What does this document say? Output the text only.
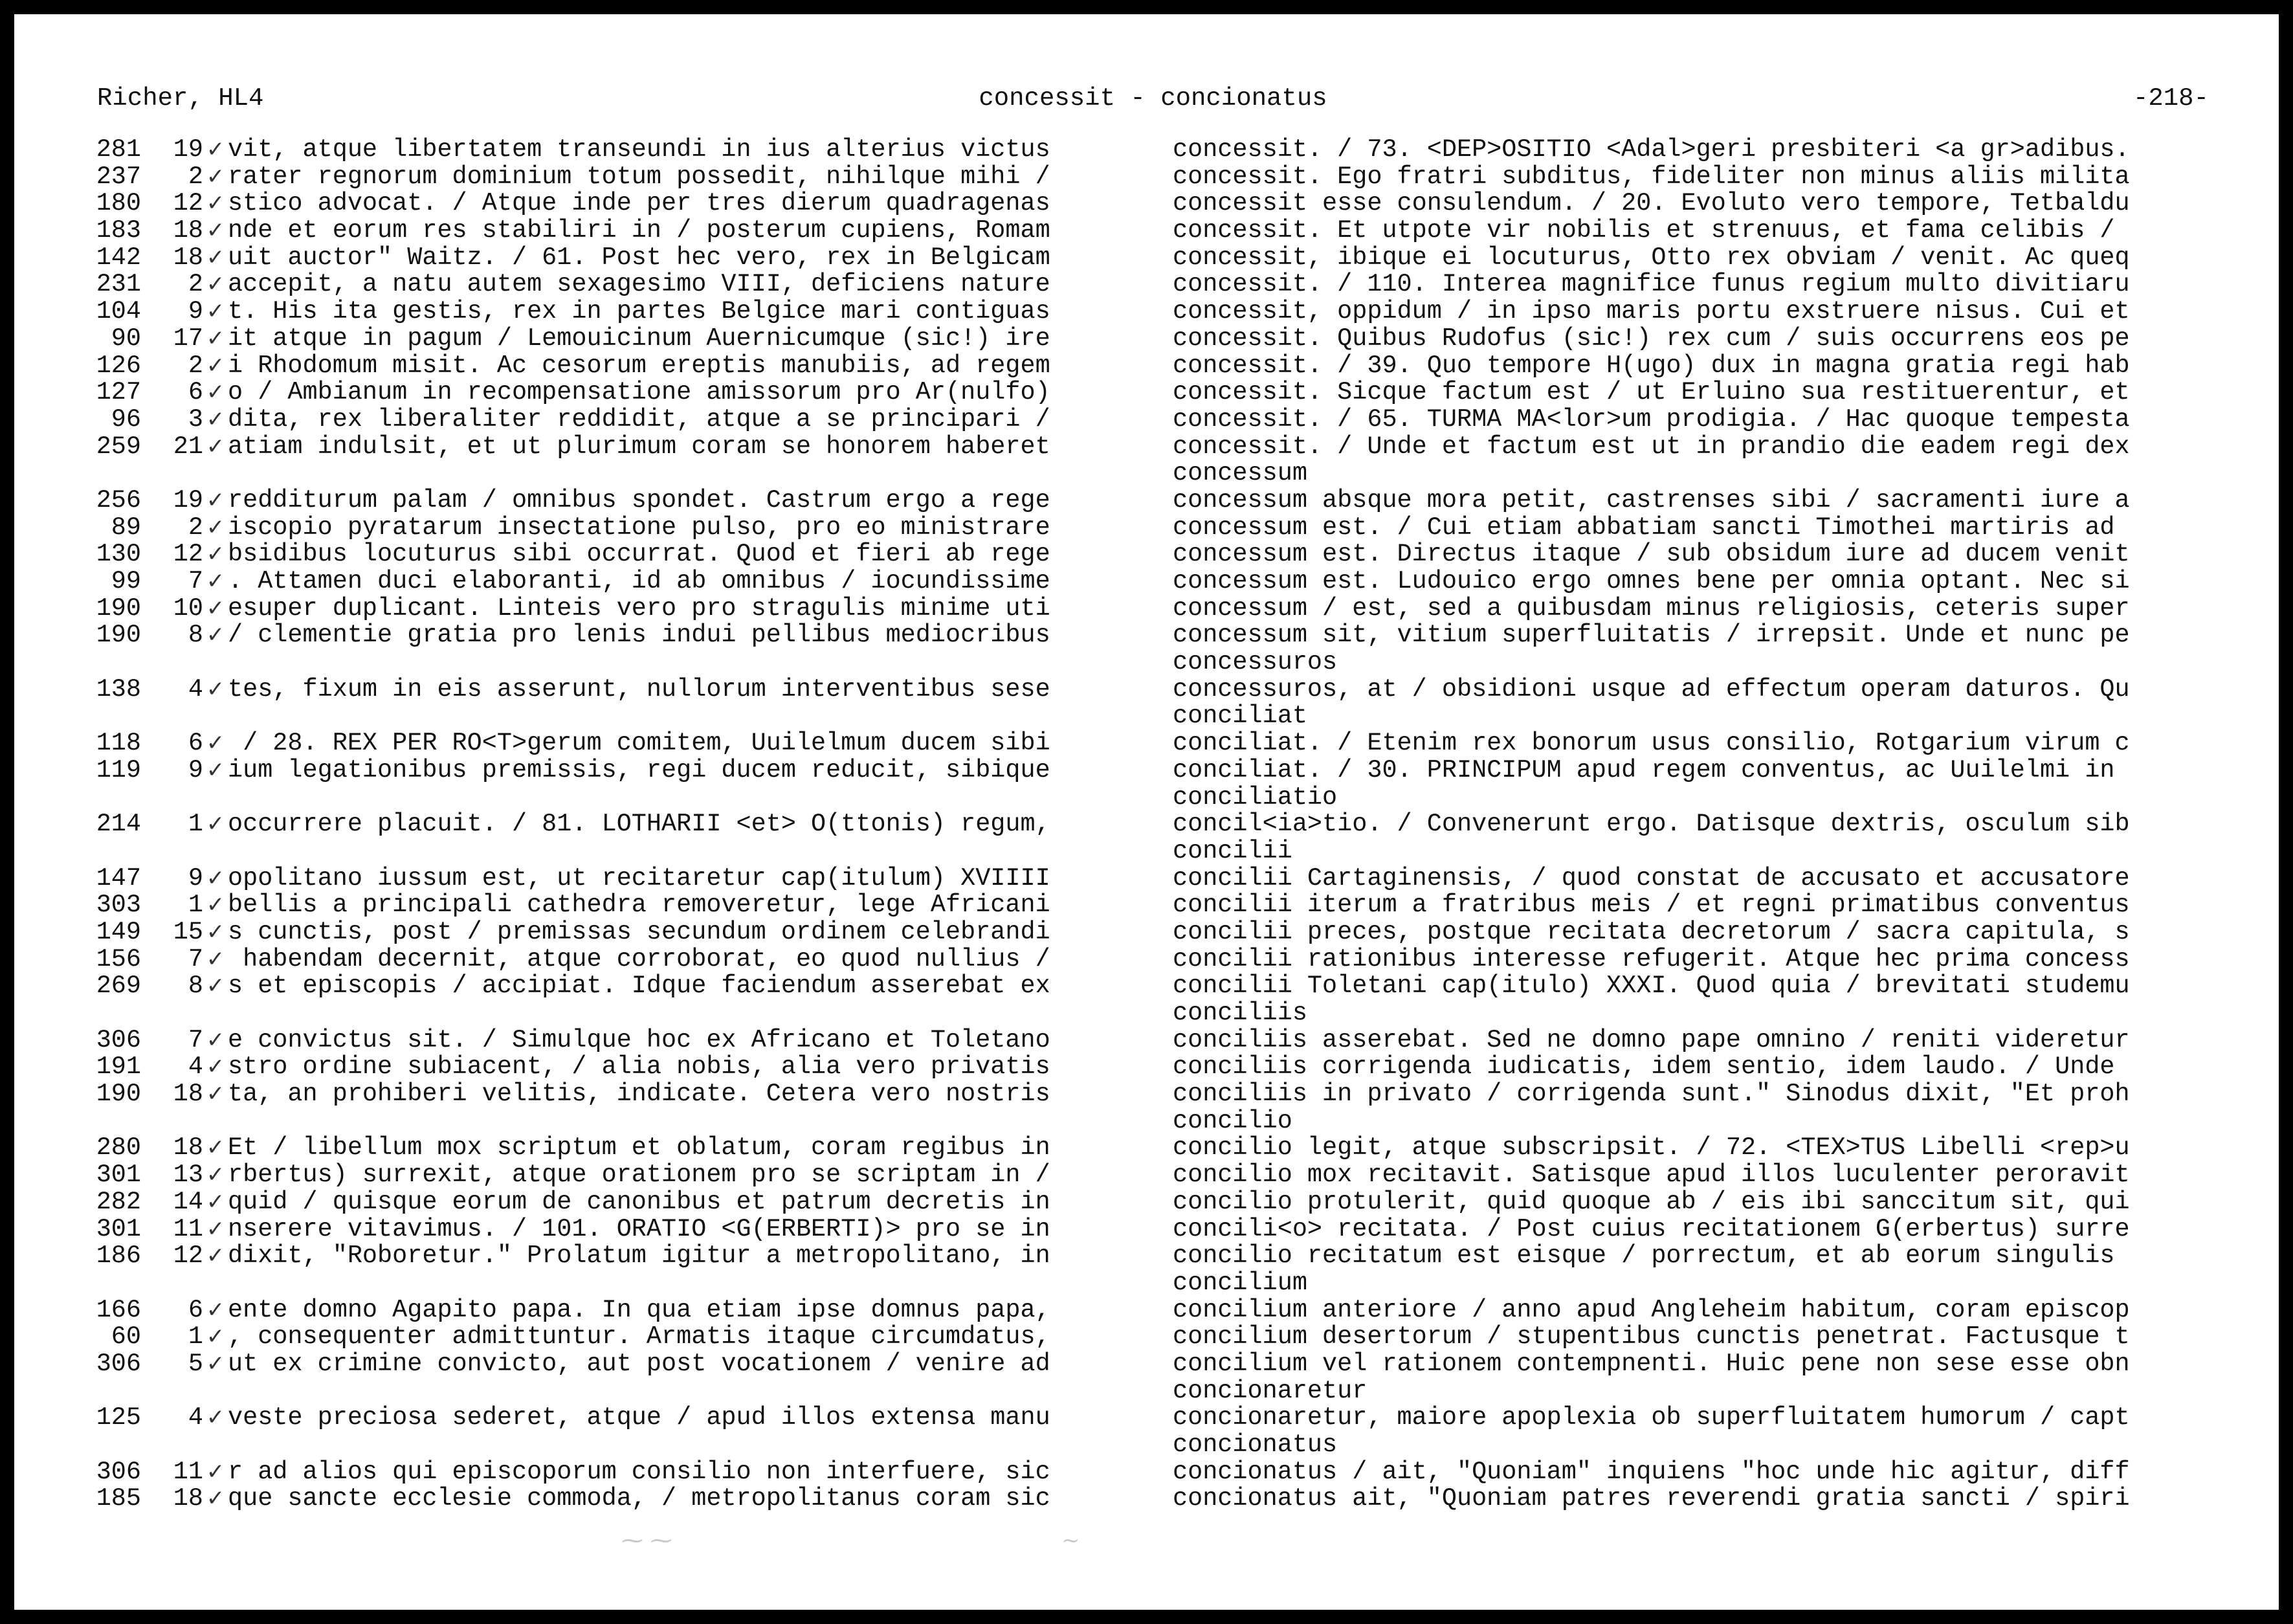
Richer, HL4	concessit - concionatus	-218-
281	19 ✓ vit, atque libertatem transeundi in ius alterius victus	concessit. / 73. <DEP>OSITIO <Adal>geri presbiteri <a gr>adibus.
237	2 ✓ rater regnorum dominium totum possedit, nihilque mihi /	concessit. Ego fratri subditus, fideliter non minus aliis milita
180	12 ✓ stico advocat. / Atque inde per tres dierum quadragenas	concessit esse consulendum. / 20. Evoluto vero tempore, Tetbaldu
183	18 ✓ nde et eorum res stabiliri in / posterum cupiens, Romam	concessit. Et utpote vir nobilis et strenuus, et fama celibis /
142	18 ✓ uit auctor" Waitz. / 61. Post hec vero, rex in Belgicam	concessit, ibique ei locuturus, Otto rex obviam / venit. Ac queq
231	2 ✓ accepit, a natu autem sexagesimo VIII, deficiens nature	concessit. / 110. Interea magnifice funus regium multo divitiaru
104	9 ✓ t. His ita gestis, rex in partes Belgice mari contiguas	concessit, oppidum / in ipso maris portu exstruere nisus. Cui et
90	17 ✓ it atque in pagum / Lemouicinum Auernicumque (sic!) ire	concessit. Quibus Rudofus (sic!) rex cum / suis occurrens eos pe
126	2 ✓ i Rhodomum misit. Ac cesorum ereptis manubiis, ad regem	concessit. / 39. Quo tempore H(ugo) dux in magna gratia regi hab
127	6 ✓ o / Ambianum in recompensatione amissorum pro Ar(nulfo)	concessit. Sicque factum est / ut Erluino sua restituerentur, et
96	3 ✓ dita, rex liberaliter reddidit, atque a se principari /	concessit. / 65. TURMA MA<lor>um prodigia. / Hac quoque tempesta
259	21 ✓ atiam indulsit, et ut plurimum coram se honorem haberet	concessit. / Unde et factum est ut in prandio die eadem regi dex
concessum
256	19 ✓ redditurum palam / omnibus spondet. Castrum ergo a rege	concessum absque mora petit, castrenses sibi / sacramenti iure a
89	2 ✓ iscopio pyratarum insectatione pulso, pro eo ministrare	concessum est. / Cui etiam abbatiam sancti Timothei martiris ad
130	12 ✓ bsidibus locuturus sibi occurrat. Quod et fieri ab rege	concessum est. Directus itaque / sub obsidum iure ad ducem venit
99	7 ✓ . Attamen duci elaboranti, id ab omnibus / iocundissime	concessum est. Ludouico ergo omnes bene per omnia optant. Nec si
190	10 ✓ esuper duplicant. Linteis vero pro stragulis minime uti	concessum / est, sed a quibusdam minus religiosis, ceteris super
190	8 ✓ / clementie gratia pro lenis indui pellibus mediocribus	concessum sit, vitium superfluitatis / irrepsit. Unde et nunc pe
concessuros
138	4 ✓ tes, fixum in eis asserunt, nullorum interventibus sese	concessuros, at / obsidioni usque ad effectum operam daturos. Qu
conciliat
118	6 ✓ / 28. REX PER RO<T>gerum comitem, Uuilelmum ducem sibi	conciliat. / Etenim rex bonorum usus consilio, Rotgarium virum c
119	9 ✓ ium legationibus premissis, regi ducem reducit, sibique	conciliat. / 30. PRINCIPUM apud regem conventus, ac Uuilelmi in
conciliatio
214	1 ✓ occurrere placuit. / 81. LOTHARII <et> O(ttonis) regum,	concil<ia>tio. / Convenerunt ergo. Datisque dextris, osculum sib
concilii
147	9 ✓ opolitano iussum est, ut recitaretur cap(itulum) XVIIII	concilii Cartaginensis, / quod constat de accusato et accusatore
303	1 ✓ bellis a principali cathedra removeretur, lege Africani	concilii iterum a fratribus meis / et regni primatibus conventus
149	15 ✓ s cunctis, post / premissas secundum ordinem celebrandi	concilii preces, postque recitata decretorum / sacra capitula, s
156	7 ✓ habendam decernit, atque corroborat, eo quod nullius /	concilii rationibus interesse refugerit. Atque hec prima concess
269	8 ✓ s et episcopis / accipiat. Idque faciendum asserebat ex	concilii Toletani cap(itulo) XXXI. Quod quia / brevitati studemu
conciliis
306	7 ✓ e convictus sit. / Simulque hoc ex Africano et Toletano	conciliis asserebat. Sed ne domno pape omnino / reniti videretur
191	4 ✓ stro ordine subiacent, / alia nobis, alia vero privatis	conciliis corrigenda iudicatis, idem sentio, idem laudo. / Unde
190	18 ✓ ta, an prohiberi velitis, indicate. Cetera vero nostris	conciliis in privato / corrigenda sunt." Sinodus dixit, "Et proh
concilio
280	18 ✓ Et / libellum mox scriptum et oblatum, coram regibus in	concilio legit, atque subscripsit. / 72. <TEX>TUS Libelli <rep>u
301	13 ✓ rbertus) surrexit, atque orationem pro se scriptam in /	concilio mox recitavit. Satisque apud illos luculenter peroravit
282	14 ✓ quid / quisque eorum de canonibus et patrum decretis in	concilio protulerit, quid quoque ab / eis ibi sanccitum sit, qui
301	11 ✓ nserere vitavimus. / 101. ORATIO <G(ERBERTI)> pro se in	concili<o> recitata. / Post cuius recitationem G(erbertus) surre
186	12 ✓ dixit, "Roboretur." Prolatum igitur a metropolitano, in	concilio recitatum est eisque / porrectum, et ab eorum singulis
concilium
166	6 ✓ ente domno Agapito papa. In qua etiam ipse domnus papa,	concilium anteriore / anno apud Angleheim habitum, coram episcop
60	1 ✓ , consequenter admittuntur. Armatis itaque circumdatus,	concilium desertorum / stupentibus cunctis penetrat. Factusque t
306	5 ✓ ut ex crimine convicto, aut post vocationem / venire ad	concilium vel rationem contempnenti. Huic pene non sese esse obn
concionaretur
125	4 ✓ veste preciosa sederet, atque / apud illos extensa manu	concionaretur, maiore apoplexia ob superfluitatem humorum / capt
concionatus
306	11 ✓ r ad alios qui episcoporum consilio non interfuere, sic	concionatus / ait, "Quoniam" inquiens "hoc unde hic agitur, diff
185	18 ✓ que sancte ecclesie commoda, / metropolitanus coram sic	concionatus ait, "Quoniam patres reverendi gratia sancti / spiri
⁓ ⁓	~
